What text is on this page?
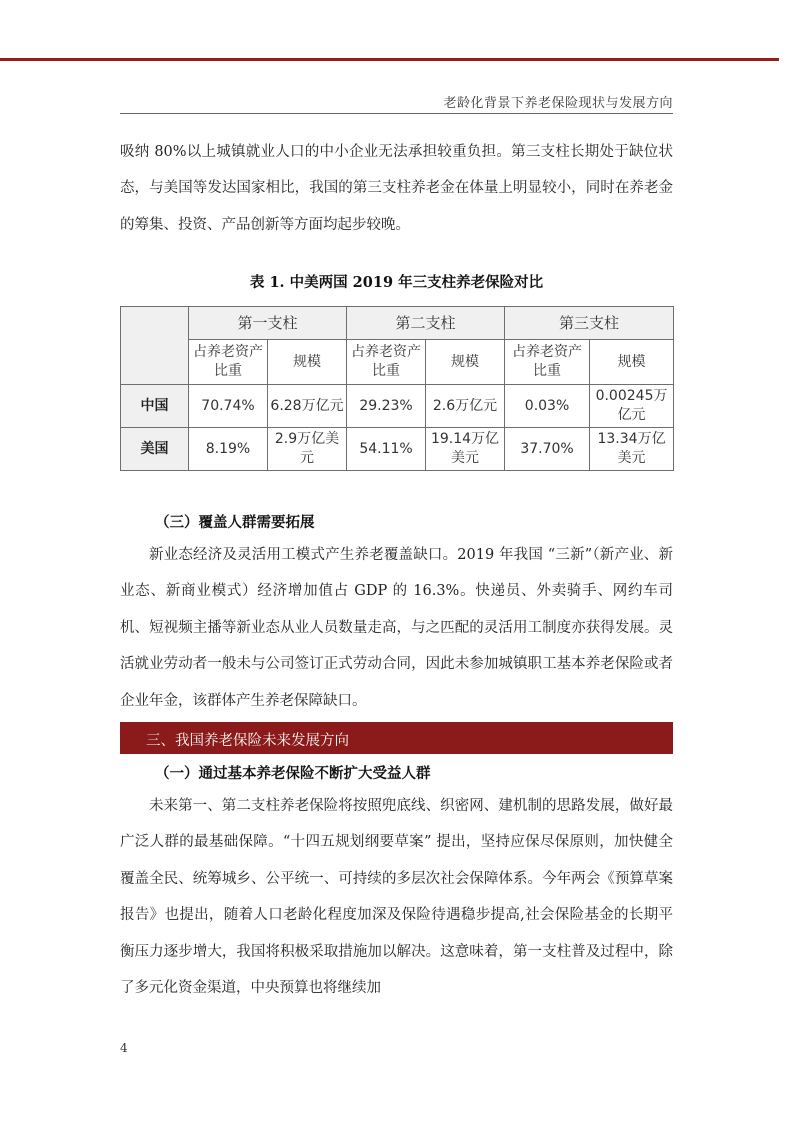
老龄化背景下养老保险现状与发展方向
吸纳 80%以上城镇就业人口的中小企业无法承担较重负担。第三支柱长期处于缺位状态，与美国等发达国家相比，我国的第三支柱养老金在体量上明显较小，同时在养老金的筹集、投资、产品创新等方面均起步较晚。
表 1. 中美两国 2019 年三支柱养老保险对比
	第一支柱		第二支柱		第三支柱	
	占养老资产比重	规模	占养老资产比重	规模	占养老资产比重	规模
中国	70.74%	6.28万亿元	29.23%	2.6万亿元	0.03%	0.00245万亿元
美国	8.19%	2.9万亿美元	54.11%	19.14万亿美元	37.70%	13.34万亿美元
（三）覆盖人群需要拓展
新业态经济及灵活用工模式产生养老覆盖缺口。2019 年我国 “三新”（新产业、新业态、新商业模式）经济增加值占 GDP 的 16.3%。快递员、外卖骑手、网约车司机、短视频主播等新业态从业人员数量走高，与之匹配的灵活用工制度亦获得发展。灵活就业劳动者一般未与公司签订正式劳动合同，因此未参加城镇职工基本养老保险或者企业年金，该群体产生养老保障缺口。
三、我国养老保险未来发展方向
（一）通过基本养老保险不断扩大受益人群
未来第一、第二支柱养老保险将按照兜底线、织密网、建机制的思路发展，做好最广泛人群的最基础保障。“十四五规划纲要草案” 提出，坚持应保尽保原则，加快健全覆盖全民、统筹城乡、公平统一、可持续的多层次社会保障体系。今年两会《预算草案报告》也提出，随着人口老龄化程度加深及保险待遇稳步提高,社会保险基金的长期平衡压力逐步增大，我国将积极采取措施加以解决。这意味着，第一支柱普及过程中，除了多元化资金渠道，中央预算也将继续加
4
